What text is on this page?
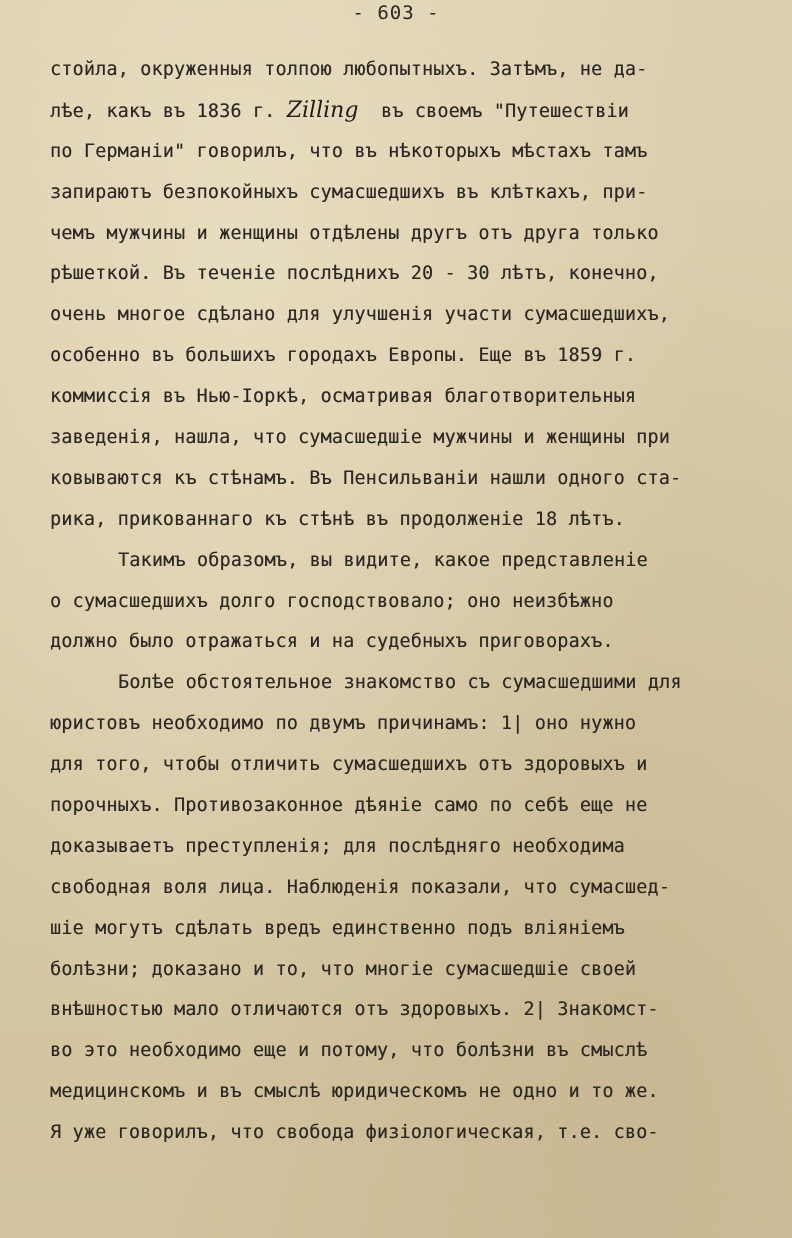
- 603 -
стойла, окруженныя толпою любопытныхъ. Затѣмъ, не да-
лѣе, какъ въ 1836 г. Zilling въ своемъ "Путешествіи
по Германіи" говорилъ, что въ нѣкоторыхъ мѣстахъ тамъ
запираютъ безпокойныхъ сумасшедшихъ въ клѣткахъ, при-
чемъ мужчины и женщины отдѣлены другъ отъ друга только
рѣшеткой. Въ теченіе послѣднихъ 20 - 30 лѣтъ, конечно,
очень многое сдѣлано для улучшенія участи сумасшедшихъ,
особенно въ большихъ городахъ Европы. Еще въ 1859 г.
коммиссія въ Нью-Іоркѣ, осматривая благотворительныя
заведенія, нашла, что сумасшедшіе мужчины и женщины при
ковываются къ стѣнамъ. Въ Пенсильваніи нашли одного ста-
рика, прикованнаго къ стѣнѣ въ продолженіе 18 лѣтъ.
Такимъ образомъ, вы видите, какое представленіе
о сумасшедшихъ долго господствовало; оно неизбѣжно
должно было отражаться и на судебныхъ приговорахъ.
Болѣе обстоятельное знакомство съ сумасшедшими для
юристовъ необходимо по двумъ причинамъ: 1| оно нужно
для того, чтобы отличить сумасшедшихъ отъ здоровыхъ и
порочныхъ. Противозаконное дѣяніе само по себѣ еще не
доказываетъ преступленія; для послѣдняго необходима
свободная воля лица. Наблюденія показали, что сумасшед-
шіе могутъ сдѣлать вредъ единственно подъ вліяніемъ
болѣзни; доказано и то, что многіе сумасшедшіе своей
внѣшностью мало отличаются отъ здоровыхъ. 2| Знакомст-
во это необходимо еще и потому, что болѣзни въ смыслѣ
медицинскомъ и въ смыслѣ юридическомъ не одно и то же.
Я уже говорилъ, что свобода физіологическая, т.е. сво-
